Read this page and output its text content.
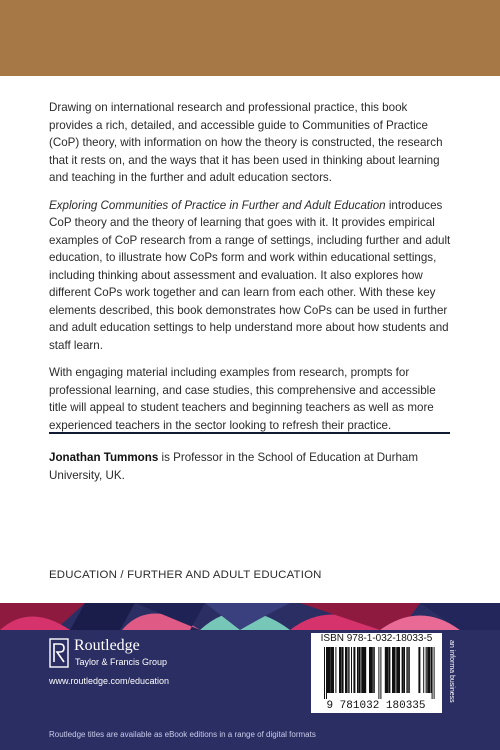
Drawing on international research and professional practice, this book provides a rich, detailed, and accessible guide to Communities of Practice (CoP) theory, with information on how the theory is constructed, the research that it rests on, and the ways that it has been used in thinking about learning and teaching in the further and adult education sectors.

Exploring Communities of Practice in Further and Adult Education introduces CoP theory and the theory of learning that goes with it. It provides empirical examples of CoP research from a range of settings, including further and adult education, to illustrate how CoPs form and work within educational settings, including thinking about assessment and evaluation. It also explores how different CoPs work together and can learn from each other. With these key elements described, this book demonstrates how CoPs can be used in further and adult education settings to help understand more about how students and staff learn.

With engaging material including examples from research, prompts for professional learning, and case studies, this comprehensive and accessible title will appeal to student teachers and beginning teachers as well as more experienced teachers in the sector looking to refresh their practice.

Jonathan Tummons is Professor in the School of Education at Durham University, UK.
EDUCATION / FURTHER AND ADULT EDUCATION
Routledge
Taylor & Francis Group
www.routledge.com/education
ISBN 978-1-032-18033-5
9 781032 180335
an informa business
Routledge titles are available as eBook editions in a range of digital formats
